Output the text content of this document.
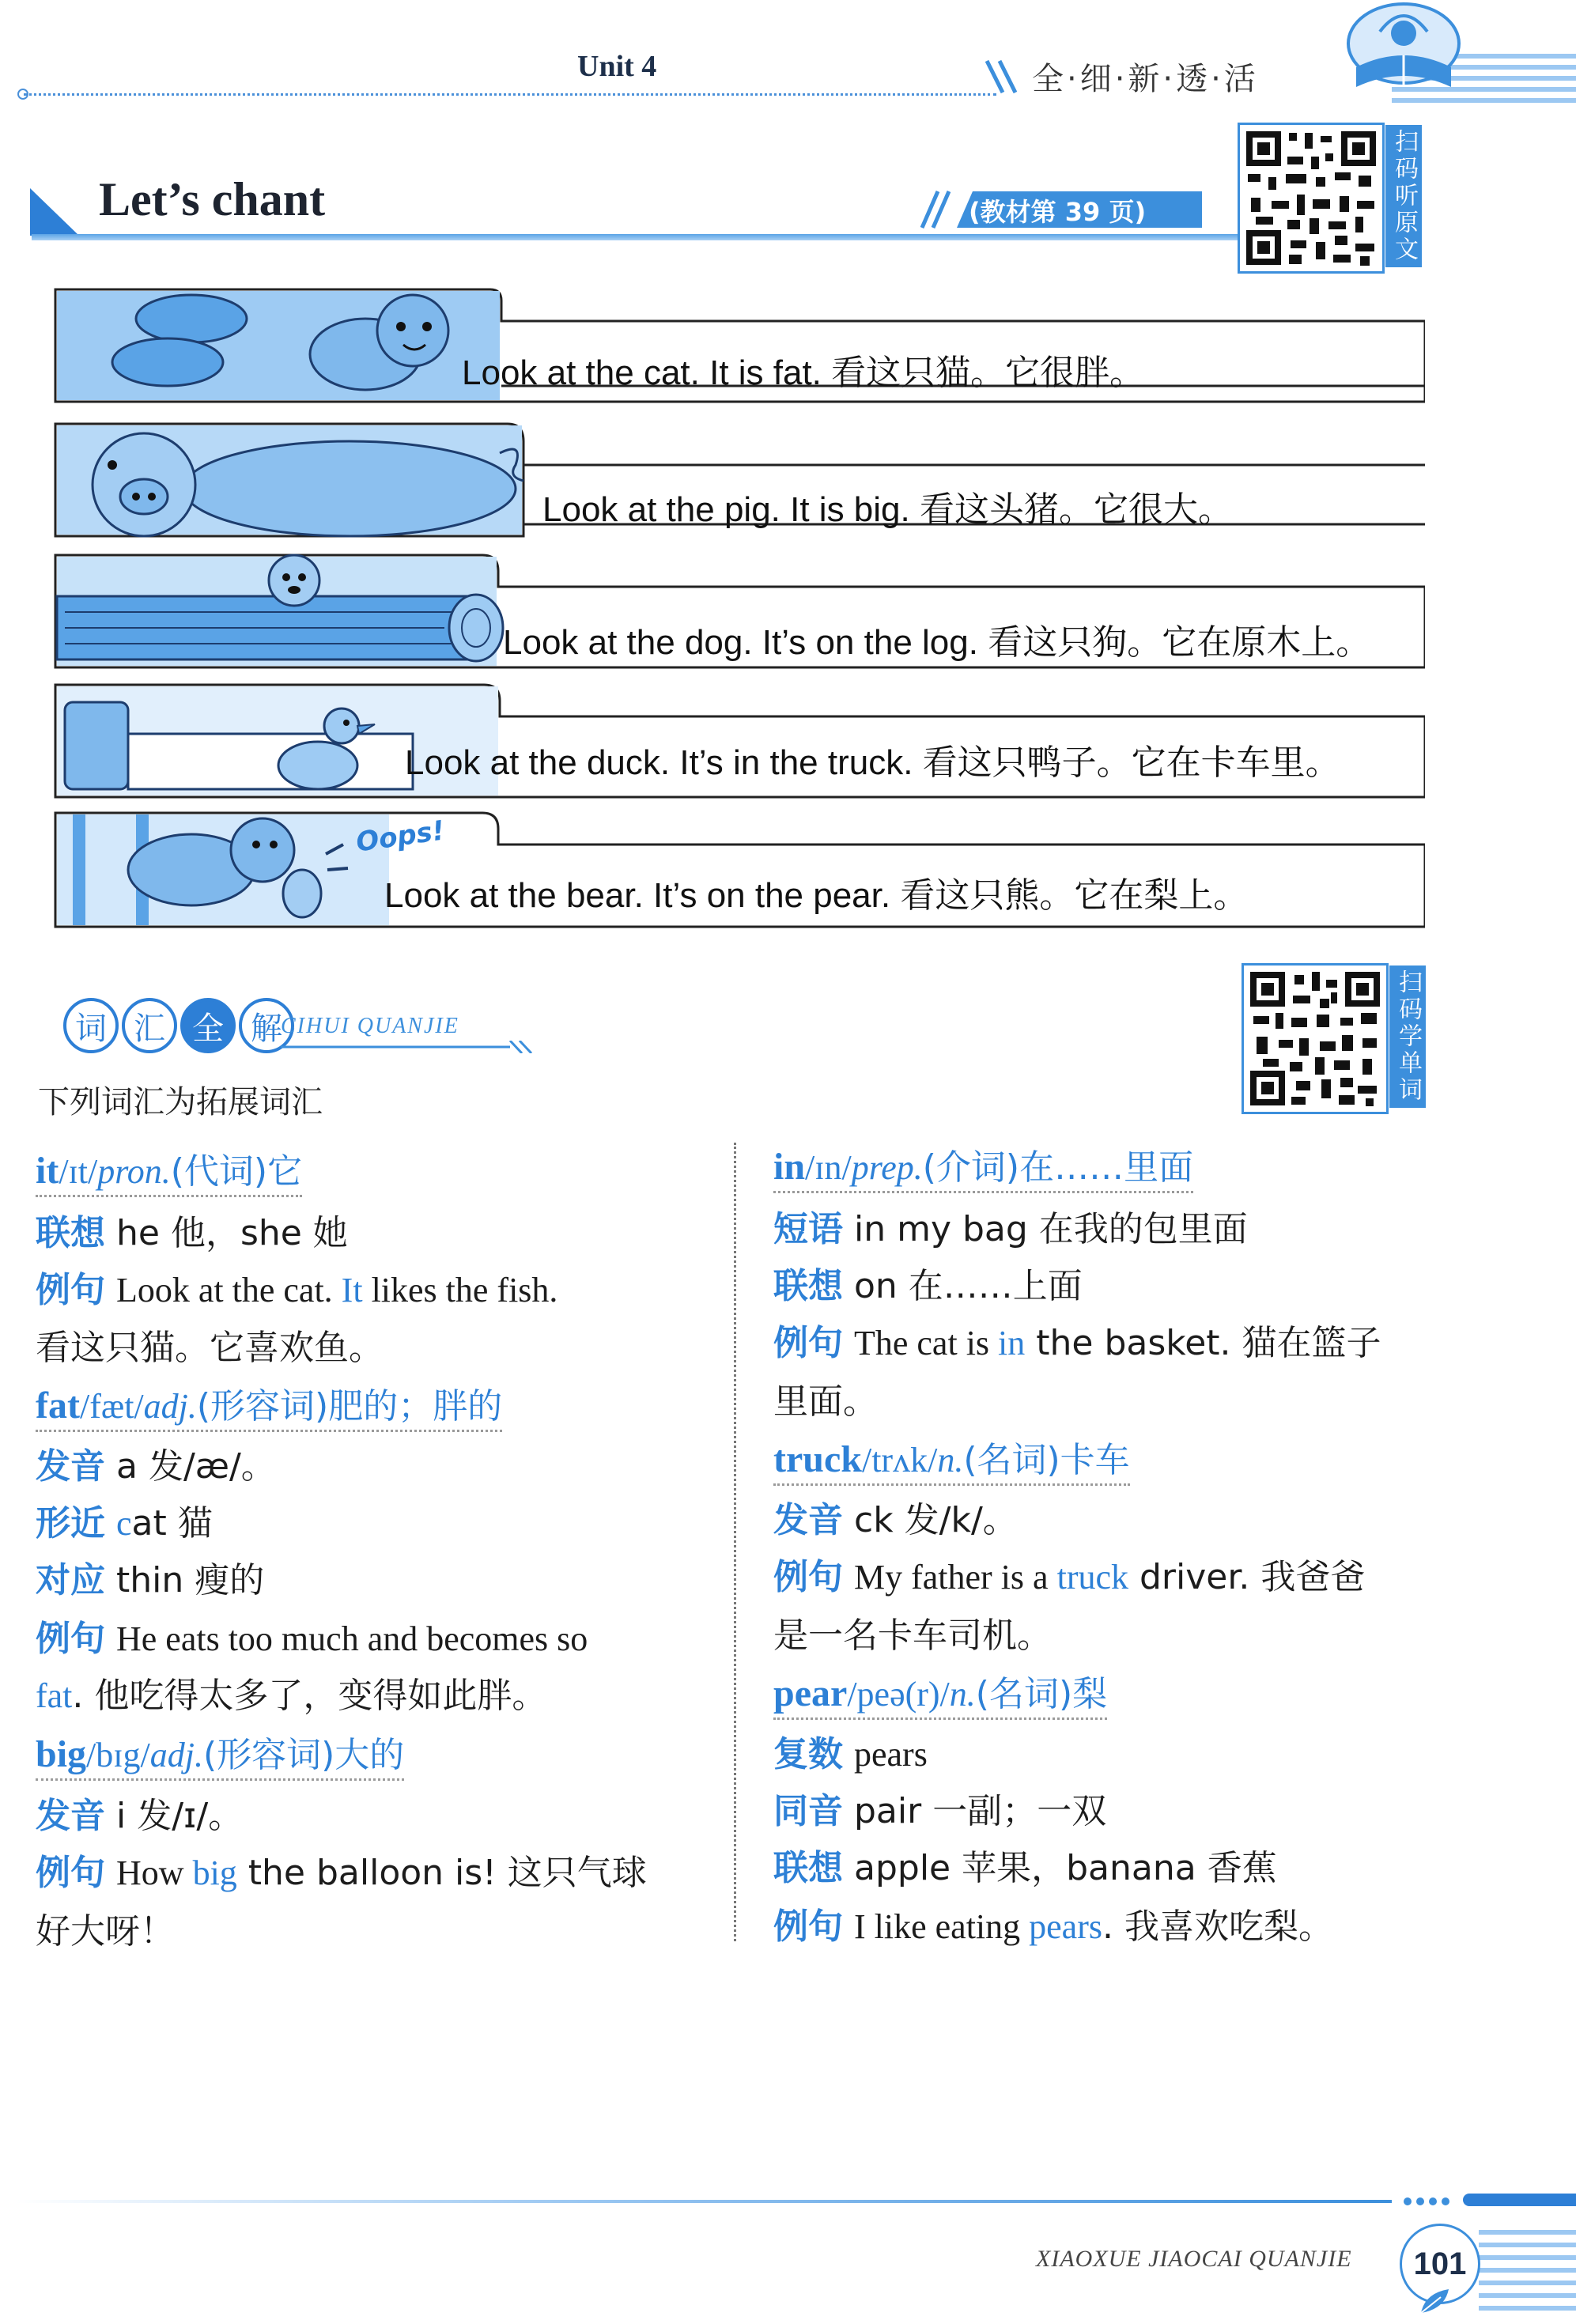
Unit 4	全·细·新·透·活
Let’s chant	(教材第 39 页)	扫码听原文
Look at the cat. It is fat. 看这只猫。它很胖。
Look at the pig. It is big. 看这头猪。它很大。
Look at the dog. It’s on the log. 看这只狗。它在原木上。
Look at the duck. It’s in the truck. 看这只鸭子。它在卡车里。
Oops!
Look at the bear. It’s on the pear. 看这只熊。它在梨上。
词 汇 全 解
CIHUI QUANJIE	扫码学单词
下列词汇为拓展词汇
it/ɪt/pron.(代词)它
联想 he 他，she 她
例句 Look at the cat. It likes the fish.
看这只猫。它喜欢鱼。
fat/fæt/adj.(形容词)肥的；胖的
发音 a 发/æ/。
形近 cat 猫
对应 thin 瘦的
例句 He eats too much and becomes so
fat. 他吃得太多了，变得如此胖。
big/bɪg/adj.(形容词)大的
发音 i 发/ɪ/。
例句 How big the balloon is! 这只气球
好大呀！
in/ɪn/prep.(介词)在……里面
短语 in my bag 在我的包里面
联想 on 在……上面
例句 The cat is in the basket. 猫在篮子
里面。
truck/trʌk/n.(名词)卡车
发音 ck 发/k/。
例句 My father is a truck driver. 我爸爸
是一名卡车司机。
pear/peə(r)/n.(名词)梨
复数 pears
同音 pair 一副；一双
联想 apple 苹果，banana 香蕉
例句 I like eating pears. 我喜欢吃梨。
XIAOXUE JIAOCAI QUANJIE	101
